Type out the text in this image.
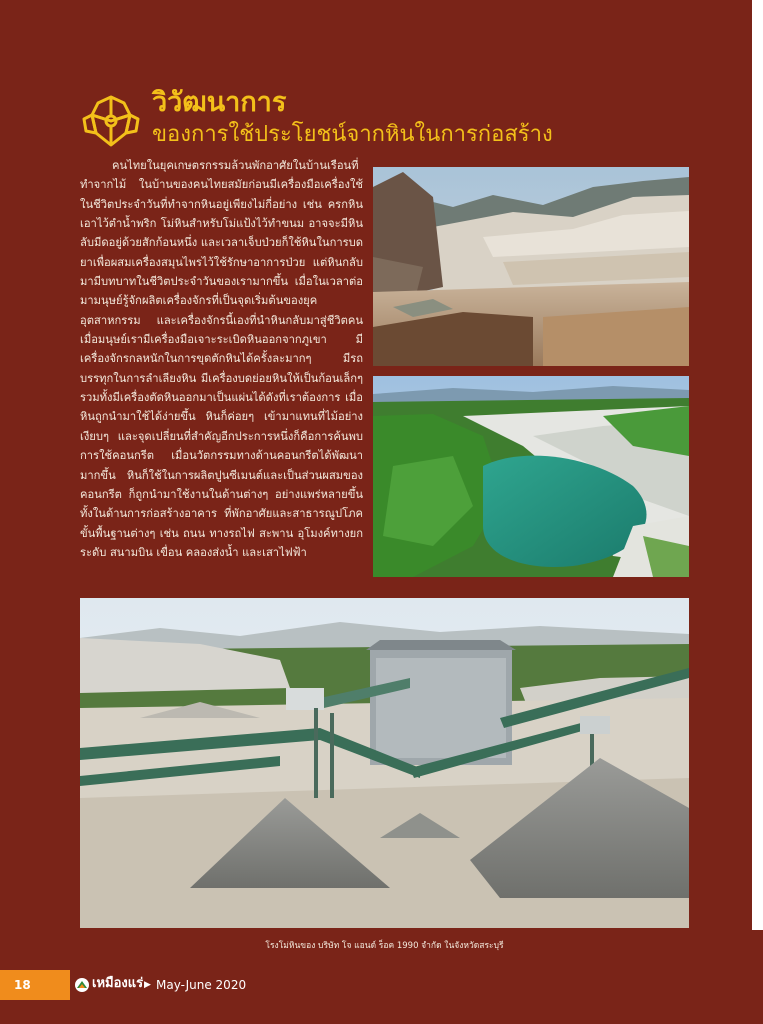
วิวัฒนาการ
ของการใช้ประโยชน์จากหินในการก่อสร้าง

คนไทยในยุคเกษตรกรรมล้วนพักอาศัยในบ้านเรือนที่ทำจากไม้ ในบ้านของคนไทยสมัยก่อนมีเครื่องมือเครื่องใช้ในชีวิตประจำวันที่ทำจากหินอยู่เพียงไม่กี่อย่าง เช่น ครกหินเอาไว้ตำน้ำพริก โม่หินสำหรับโม่แป้งไว้ทำขนม อาจจะมีหินลับมีดอยู่ด้วยสักก้อนหนึ่ง และเวลาเจ็บป่วยก็ใช้หินในการบดยาเพื่อผสมเครื่องสมุนไพรไว้ใช้รักษาอาการป่วย แต่หินกลับมามีบทบาทในชีวิตประจำวันของเรามากขึ้น เมื่อในเวลาต่อมามนุษย์รู้จักผลิตเครื่องจักรที่เป็นจุดเริ่มต้นของยุคอุตสาหกรรม และเครื่องจักรนี้เองที่นำหินกลับมาสู่ชีวิตคน เมื่อมนุษย์เรามีเครื่องมือเจาะระเบิดหินออกจากภูเขา มีเครื่องจักรกลหนักในการขุดตักหินได้ครั้งละมากๆ มีรถบรรทุกในการลำเลียงหิน มีเครื่องบดย่อยหินให้เป็นก้อนเล็กๆ รวมทั้งมีเครื่องตัดหินออกมาเป็นแผ่นได้ดังที่เราต้องการ เมื่อหินถูกนำมาใช้ได้ง่ายขึ้น หินก็ค่อยๆ เข้ามาแทนที่ไม้อย่างเงียบๆ และจุดเปลี่ยนที่สำคัญอีกประการหนึ่งก็คือการค้นพบการใช้คอนกรีต เมื่อนวัตกรรมทางด้านคอนกรีตได้พัฒนามากขึ้น หินก็ใช้ในการผลิตปูนซีเมนต์และเป็นส่วนผสมของคอนกรีต ก็ถูกนำมาใช้งานในด้านต่างๆ อย่างแพร่หลายขึ้น ทั้งในด้านการก่อสร้างอาคาร ที่พักอาศัยและสาธารณูปโภคขั้นพื้นฐานต่างๆ เช่น ถนน ทางรถไฟ สะพาน อุโมงค์ทางยกระดับ สนามบิน เขื่อน คลองส่งน้ำ และเสาไฟฟ้า

โรงโม่หินของ บริษัท โจ แอนด์ ร็อค 1990 จำกัด ในจังหวัดสระบุรี
18	เหมืองแร่ ▶ May-June 2020
